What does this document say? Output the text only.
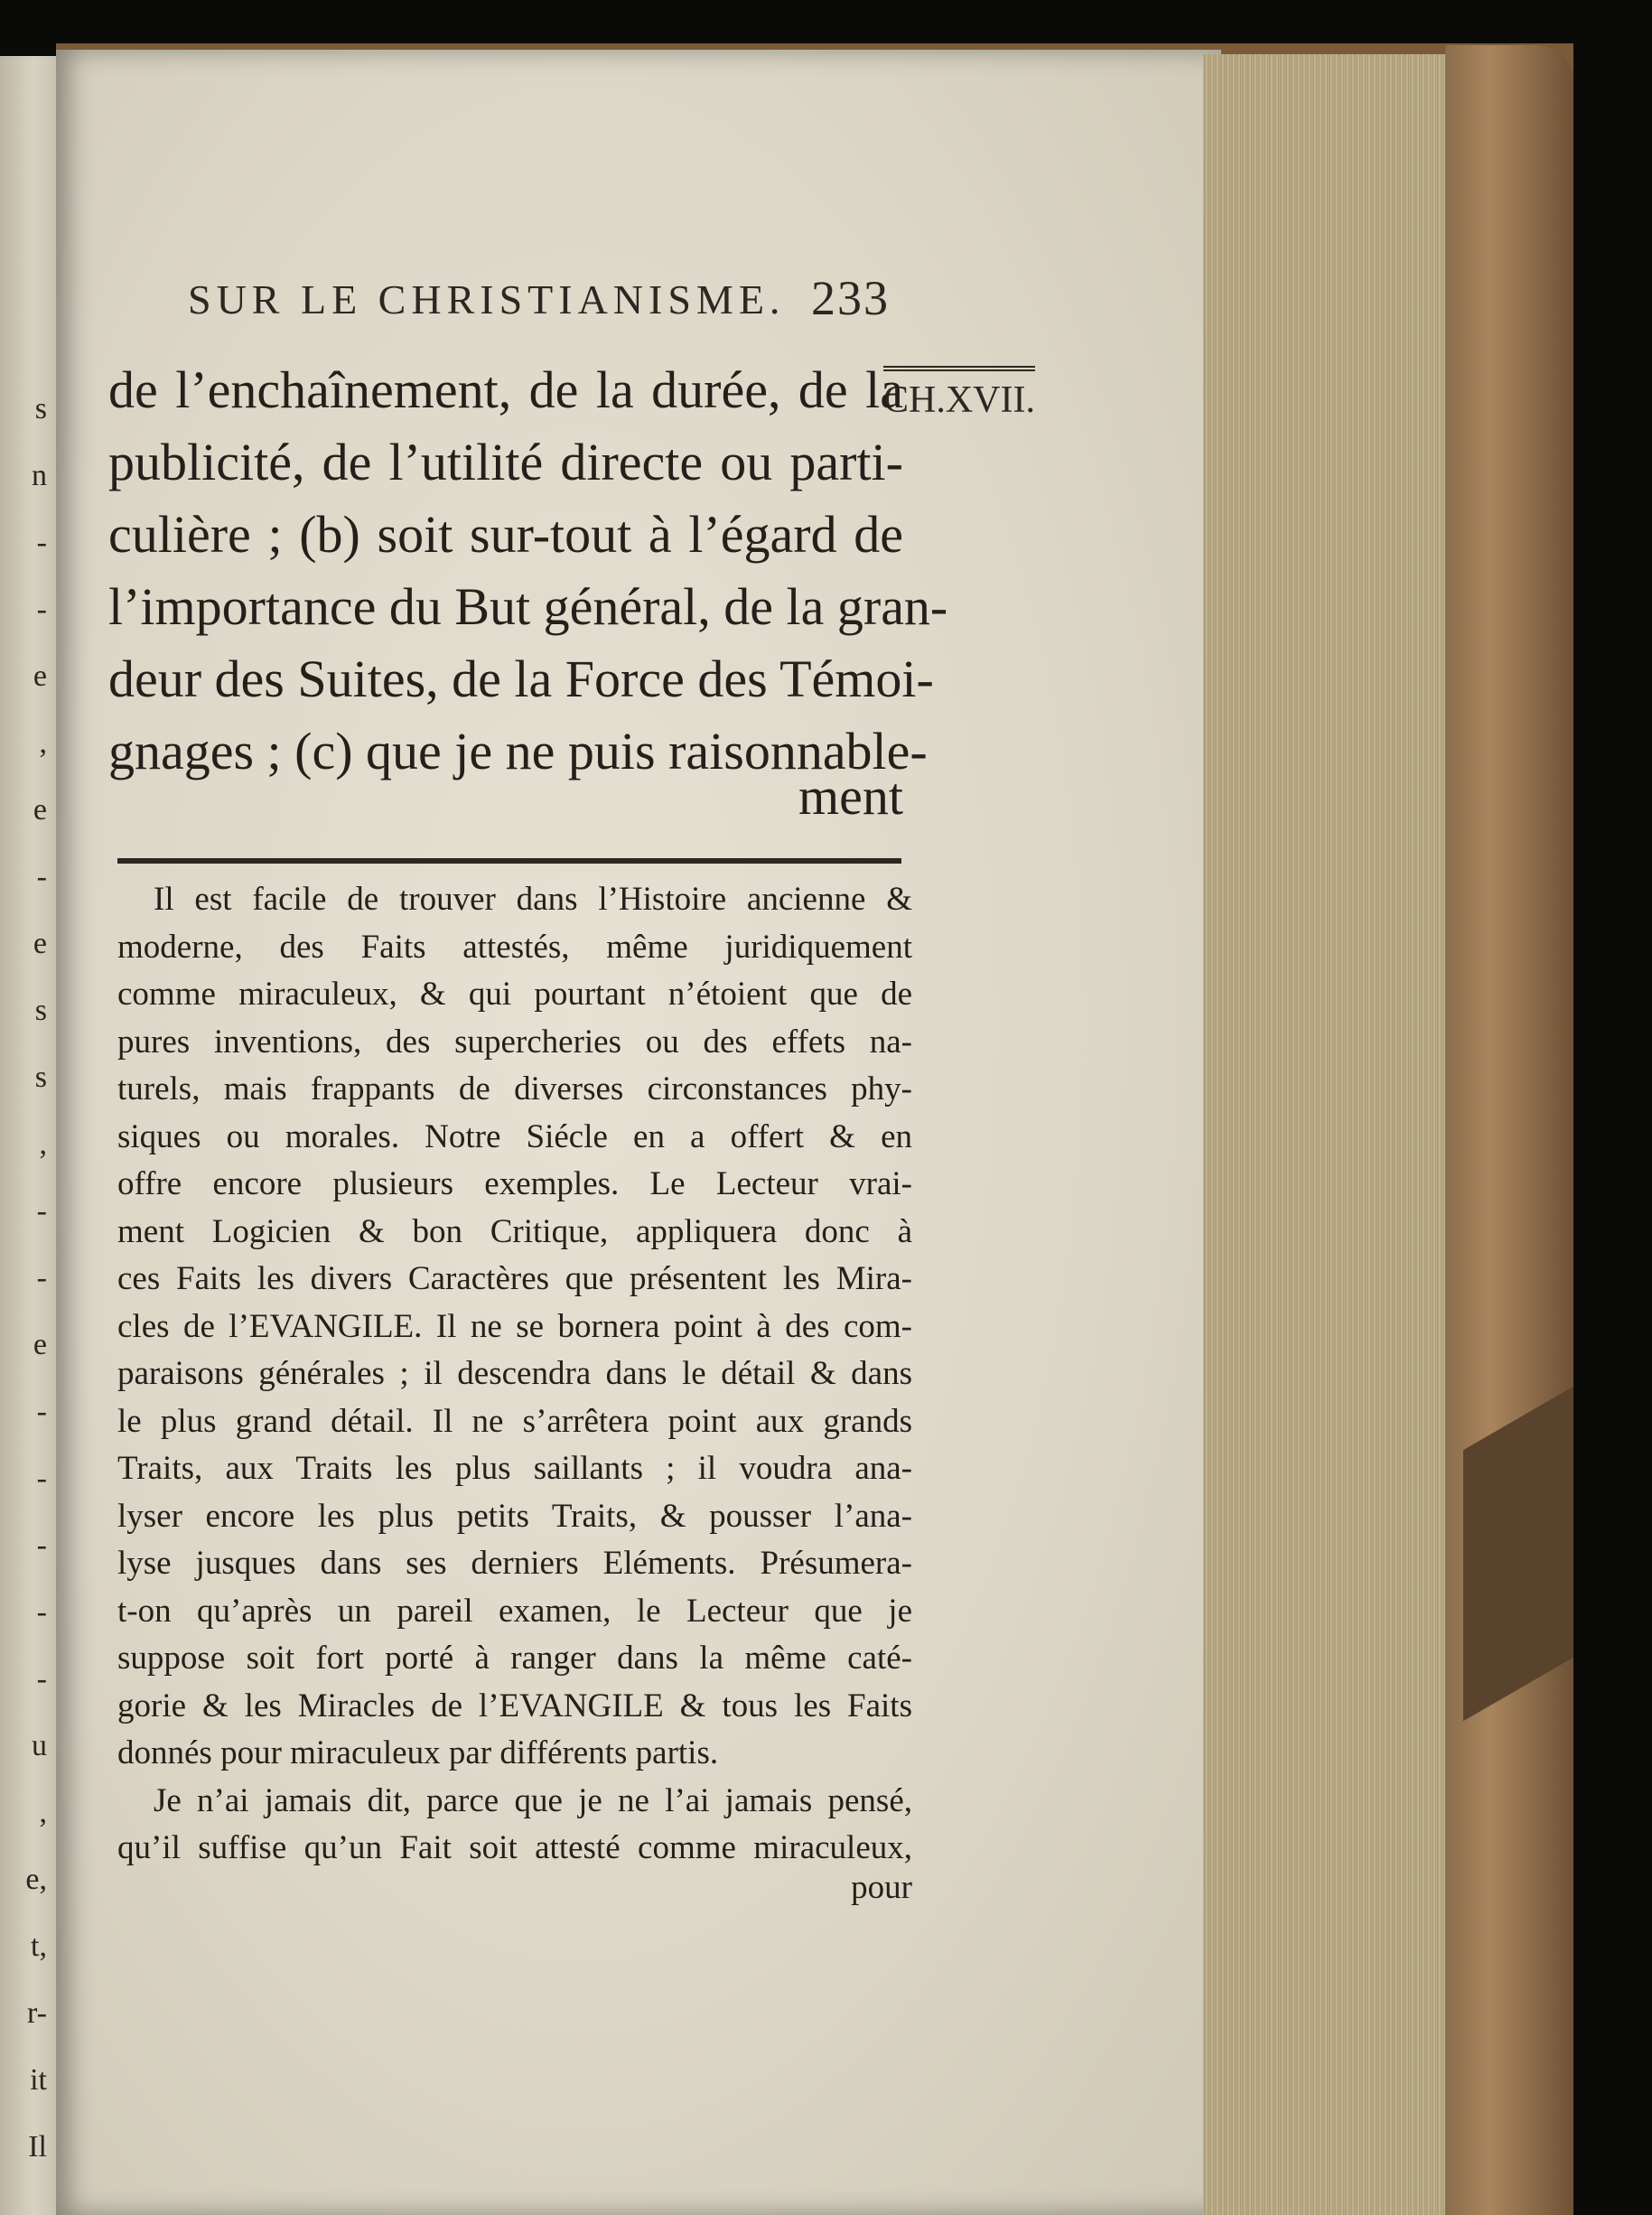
s
n
-
-
e
,
e
-
e
s
s
,
-
-
e
-
-
-
-
-
u
,
e,
t,
r-
it
Il
SUR LE CHRISTIANISME. 233
CH.XVII.
de l’enchaînement, de la durée, de la
publicité, de l’utilité directe ou parti-
culière ; (b) soit sur-tout à l’égard de
l’importance du But général, de la gran-
deur des Suites, de la Force des Témoi-
gnages ; (c) que je ne puis raisonnable-
ment
Il est facile de trouver dans l’Histoire ancienne &
moderne, des Faits attestés, même juridiquement
comme miraculeux, & qui pourtant n’étoient que de
pures inventions, des supercheries ou des effets na-
turels, mais frappants de diverses circonstances phy-
siques ou morales. Notre Siécle en a offert & en
offre encore plusieurs exemples. Le Lecteur vrai-
ment Logicien & bon Critique, appliquera donc à
ces Faits les divers Caractères que présentent les Mira-
cles de l’EVANGILE. Il ne se bornera point à des com-
paraisons générales ; il descendra dans le détail & dans
le plus grand détail. Il ne s’arrêtera point aux grands
Traits, aux Traits les plus saillants ; il voudra ana-
lyser encore les plus petits Traits, & pousser l’ana-
lyse jusques dans ses derniers Eléments. Présumera-
t-on qu’après un pareil examen, le Lecteur que je
suppose soit fort porté à ranger dans la même caté-
gorie & les Miracles de l’EVANGILE & tous les Faits
donnés pour miraculeux par différents partis.
Je n’ai jamais dit, parce que je ne l’ai jamais pensé,
qu’il suffise qu’un Fait soit attesté comme miraculeux,
pour
